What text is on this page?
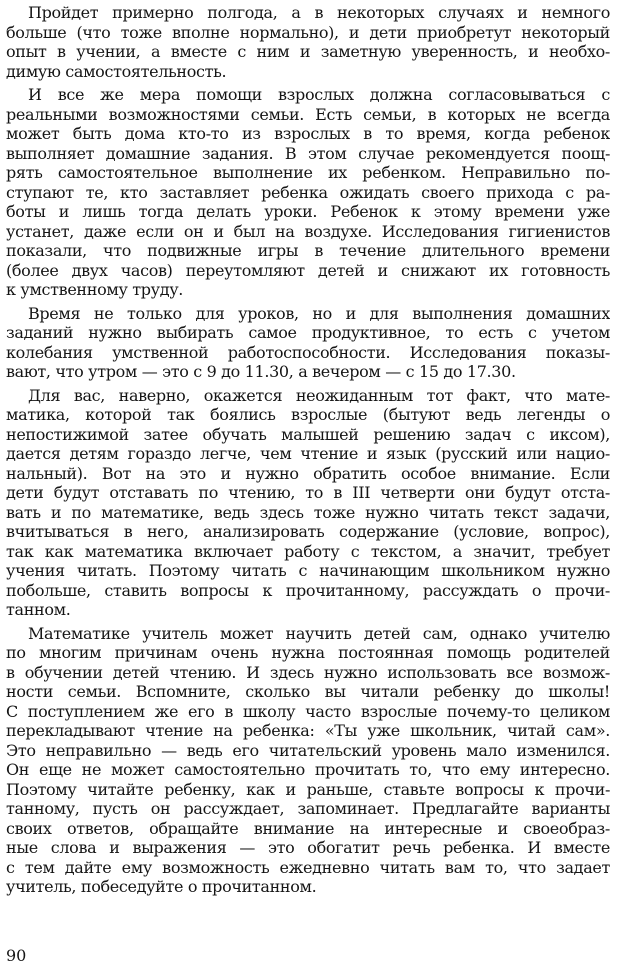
Пройдет примерно полгода, а в некоторых случаях и немного
больше (что тоже вполне нормально), и дети приобретут некоторый
опыт в учении, а вместе с ним и заметную уверенность, и необхо-
димую самостоятельность.
И все же мера помощи взрослых должна согласовываться с
реальными возможностями семьи. Есть семьи, в которых не всегда
может быть дома кто-то из взрослых в то время, когда ребенок
выполняет домашние задания. В этом случае рекомендуется поощ-
рять самостоятельное выполнение их ребенком. Неправильно по-
ступают те, кто заставляет ребенка ожидать своего прихода с ра-
боты и лишь тогда делать уроки. Ребенок к этому времени уже
устанет, даже если он и был на воздухе. Исследования гигиенистов
показали, что подвижные игры в течение длительного времени
(более двух часов) переутомляют детей и снижают их готовность
к умственному труду.
Время не только для уроков, но и для выполнения домашних
заданий нужно выбирать самое продуктивное, то есть с учетом
колебания умственной работоспособности. Исследования показы-
вают, что утром — это с 9 до 11.30, а вечером — с 15 до 17.30.
Для вас, наверно, окажется неожиданным тот факт, что мате-
матика, которой так боялись взрослые (бытуют ведь легенды о
непостижимой затее обучать малышей решению задач с иксом),
дается детям гораздо легче, чем чтение и язык (русский или нацио-
нальный). Вот на это и нужно обратить особое внимание. Если
дети будут отставать по чтению, то в III четверти они будут отста-
вать и по математике, ведь здесь тоже нужно читать текст задачи,
вчитываться в него, анализировать содержание (условие, вопрос),
так как математика включает работу с текстом, а значит, требует
учения читать. Поэтому читать с начинающим школьником нужно
побольше, ставить вопросы к прочитанному, рассуждать о прочи-
танном.
Математике учитель может научить детей сам, однако учителю
по многим причинам очень нужна постоянная помощь родителей
в обучении детей чтению. И здесь нужно использовать все возмож-
ности семьи. Вспомните, сколько вы читали ребенку до школы!
С поступлением же его в школу часто взрослые почему-то целиком
перекладывают чтение на ребенка: «Ты уже школьник, читай сам».
Это неправильно — ведь его читательский уровень мало изменился.
Он еще не может самостоятельно прочитать то, что ему интересно.
Поэтому читайте ребенку, как и раньше, ставьте вопросы к прочи-
танному, пусть он рассуждает, запоминает. Предлагайте варианты
своих ответов, обращайте внимание на интересные и своеобраз-
ные слова и выражения — это обогатит речь ребенка. И вместе
с тем дайте ему возможность ежедневно читать вам то, что задает
учитель, побеседуйте о прочитанном.
90
